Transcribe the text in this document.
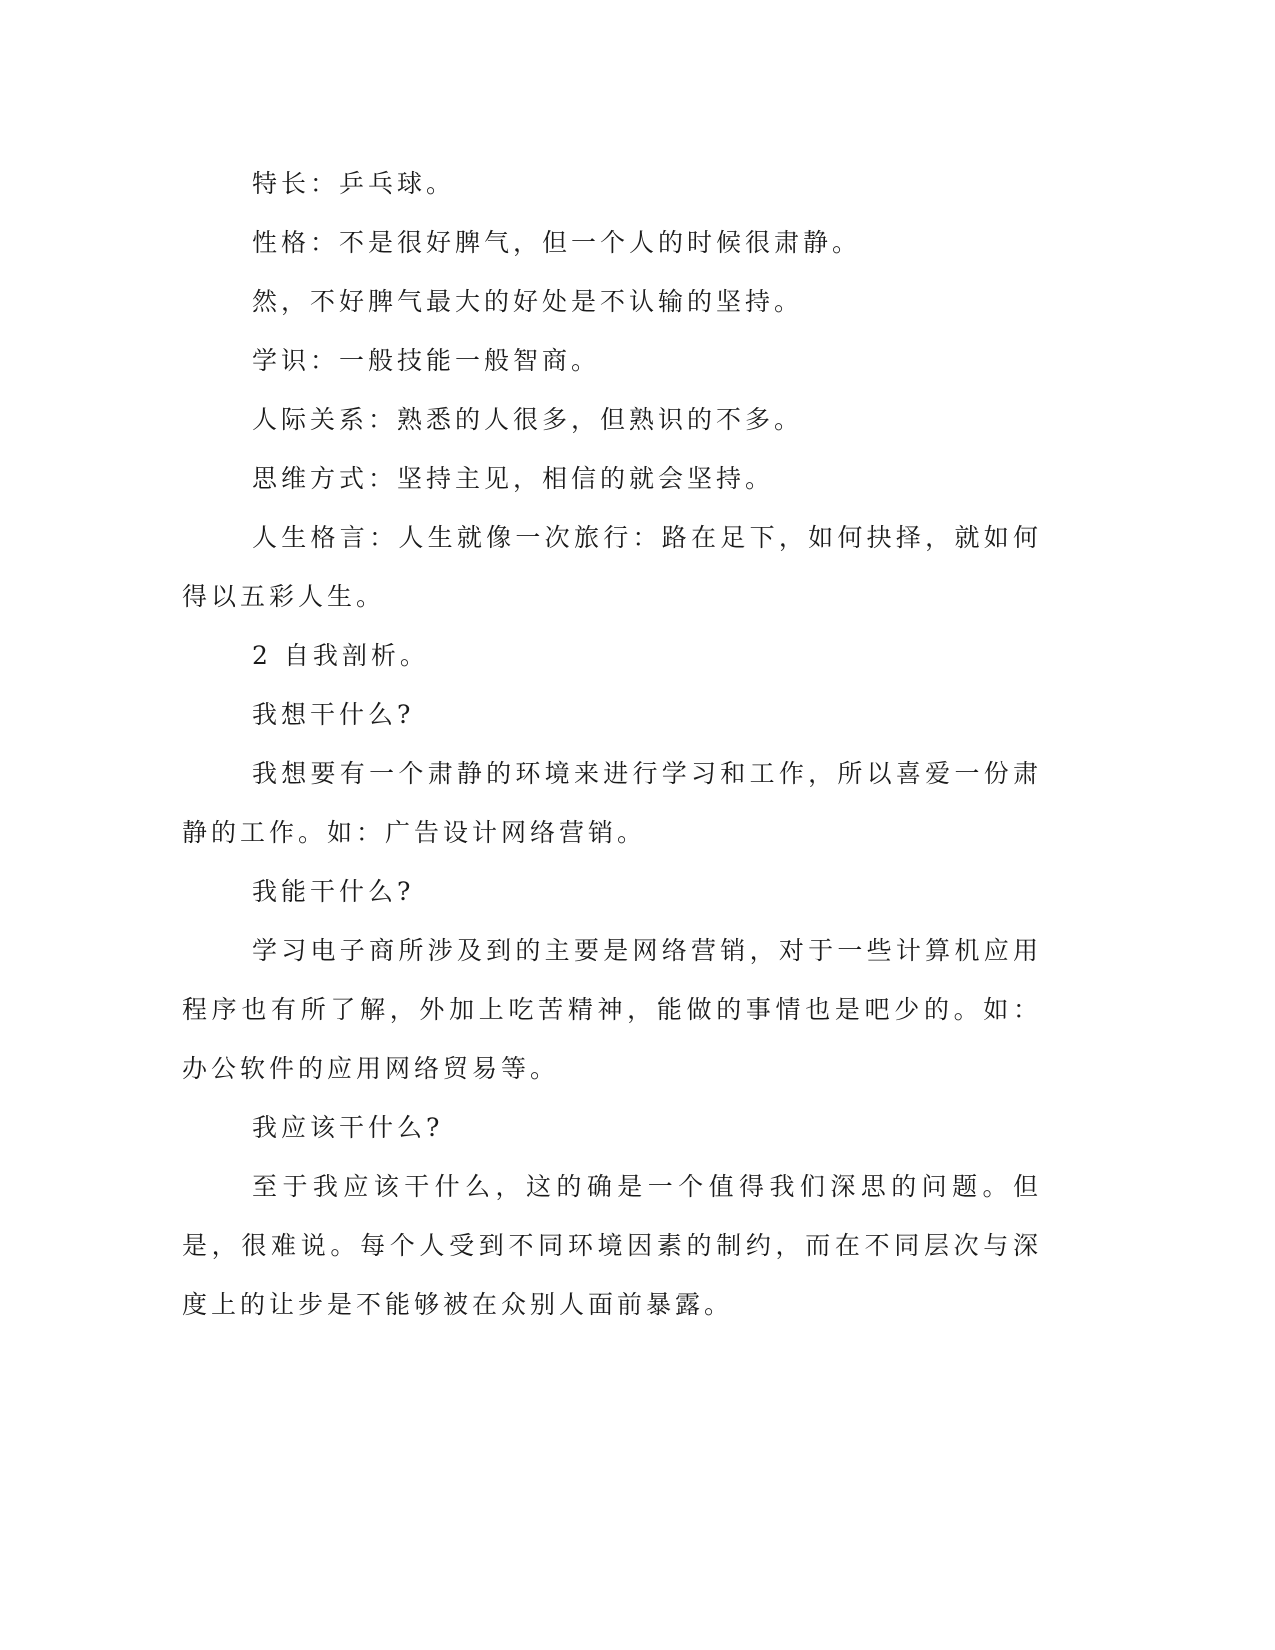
特长：乒乓球。

性格：不是很好脾气，但一个人的时候很肃静。

然，不好脾气最大的好处是不认输的坚持。

学识：一般技能一般智商。

人际关系：熟悉的人很多，但熟识的不多。

思维方式：坚持主见，相信的就会坚持。

人生格言：人生就像一次旅行：路在足下，如何抉择，就如何得以五彩人生。

2 自我剖析。

我想干什么?

我想要有一个肃静的环境来进行学习和工作，所以喜爱一份肃静的工作。如：广告设计网络营销。

我能干什么?

学习电子商所涉及到的主要是网络营销，对于一些计算机应用程序也有所了解，外加上吃苦精神，能做的事情也是吧少的。如：办公软件的应用网络贸易等。

我应该干什么?

至于我应该干什么，这的确是一个值得我们深思的问题。但是，很难说。每个人受到不同环境因素的制约，而在不同层次与深度上的让步是不能够被在众别人面前暴露。
